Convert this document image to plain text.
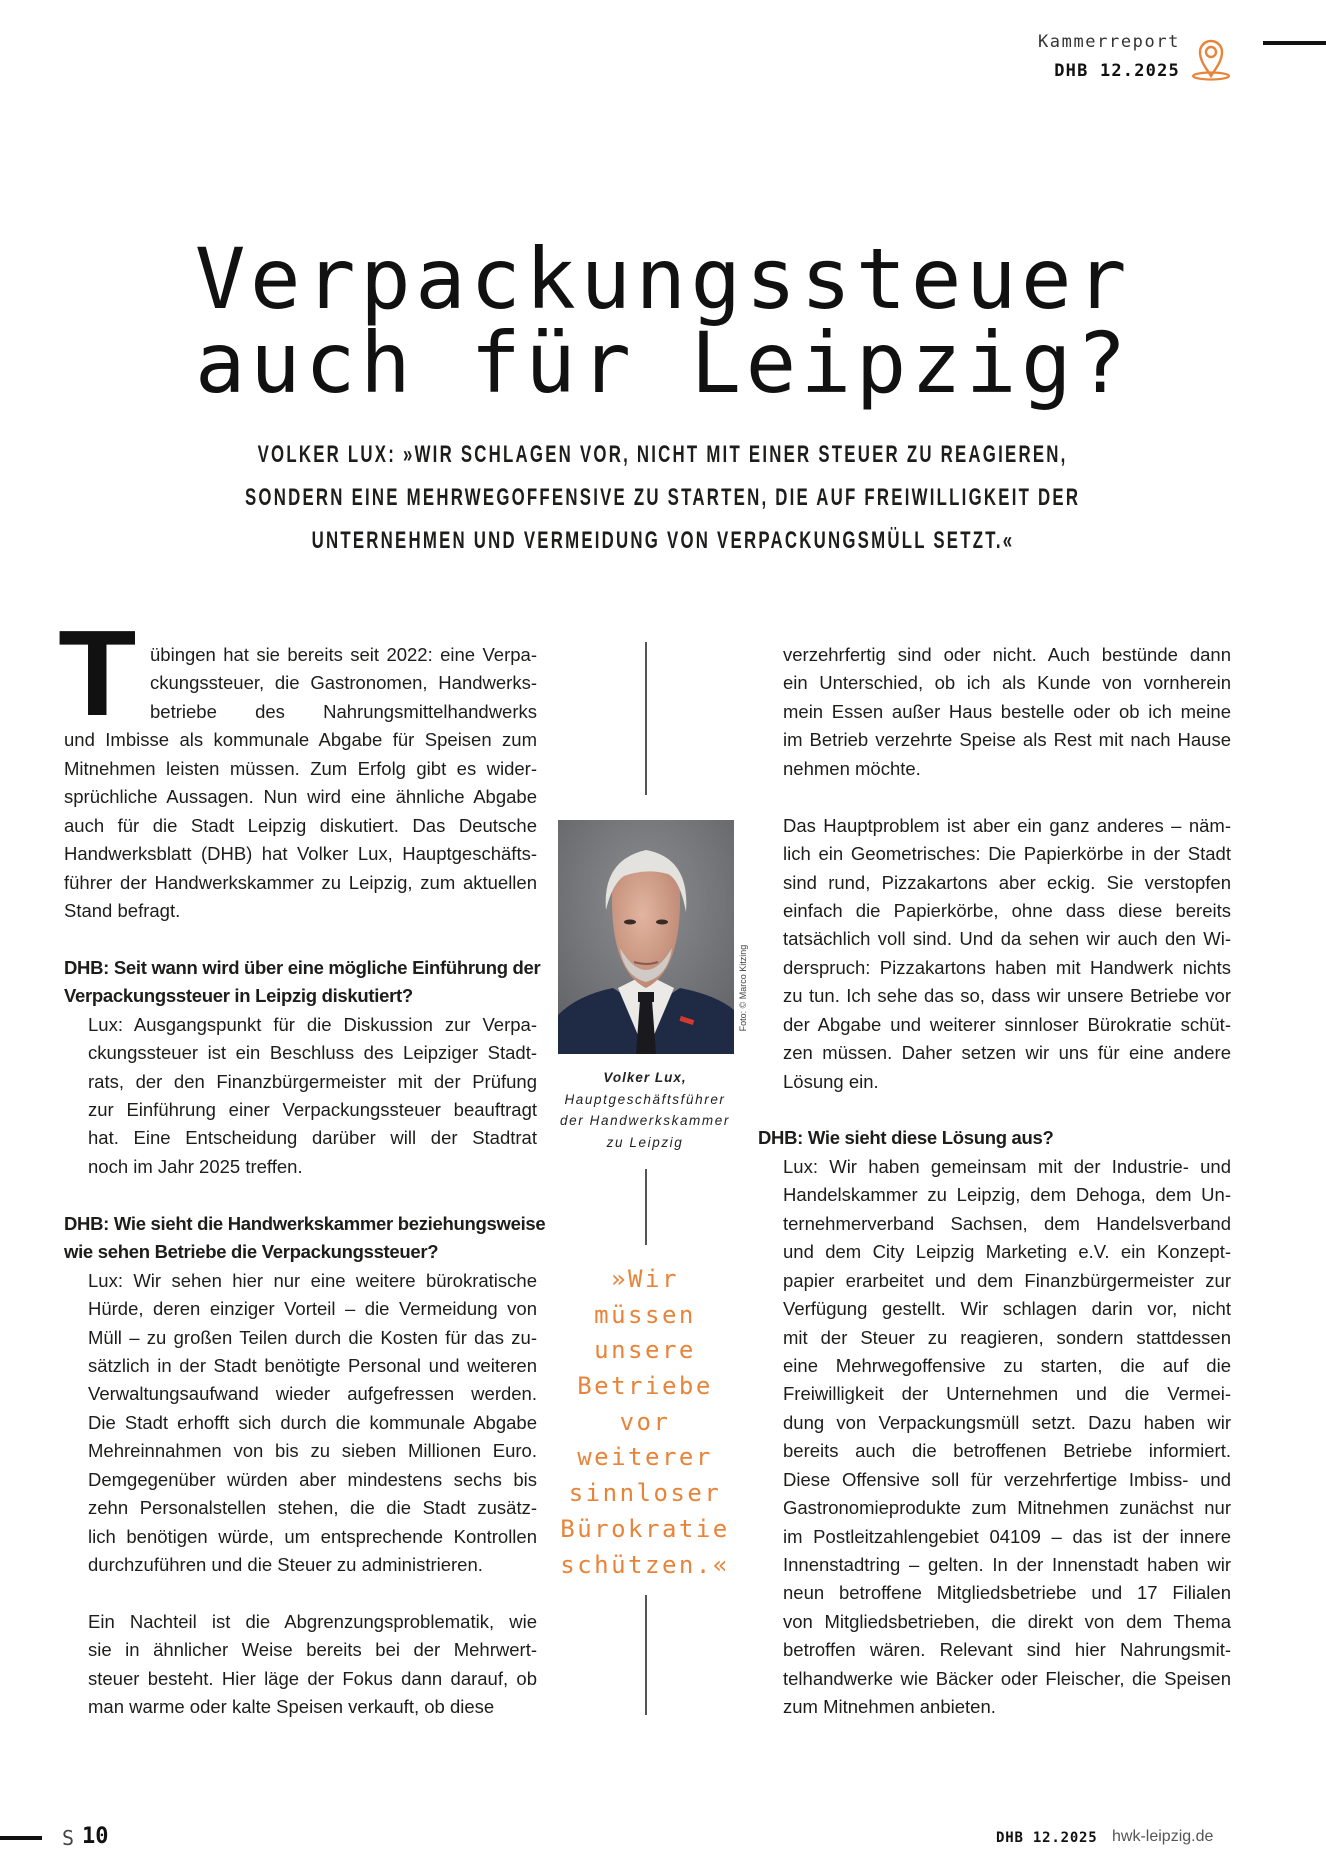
Kammerreport
DHB 12.2025
Verpackungssteuer
auch für Leipzig?
VOLKER LUX: »WIR SCHLAGEN VOR, NICHT MIT EINER STEUER ZU REAGIEREN,
SONDERN EINE MEHRWEGOFFENSIVE ZU STARTEN, DIE AUF FREIWILLIGKEIT DER
UNTERNEHMEN UND VERMEIDUNG VON VERPACKUNGSMÜLL SETZT.«
T übingen hat sie bereits seit 2022: eine Verpa-
ckungssteuer, die Gastronomen, Handwerks-
betriebe des Nahrungsmittelhandwerks
und Imbisse als kommunale Abgabe für Speisen zum
Mitnehmen leisten müssen. Zum Erfolg gibt es wider-
sprüchliche Aussagen. Nun wird eine ähnliche Abgabe
auch für die Stadt Leipzig diskutiert. Das Deutsche
Handwerksblatt (DHB) hat Volker Lux, Hauptgeschäfts-
führer der Handwerkskammer zu Leipzig, zum aktuellen
Stand befragt.
DHB: Seit wann wird über eine mögliche Einführung der
Verpackungssteuer in Leipzig diskutiert?
Lux: Ausgangspunkt für die Diskussion zur Verpa-
ckungssteuer ist ein Beschluss des Leipziger Stadt-
rats, der den Finanzbürgermeister mit der Prüfung
zur Einführung einer Verpackungssteuer beauftragt
hat. Eine Entscheidung darüber will der Stadtrat
noch im Jahr 2025 treffen.
DHB: Wie sieht die Handwerkskammer beziehungsweise
wie sehen Betriebe die Verpackungssteuer?
Lux: Wir sehen hier nur eine weitere bürokratische
Hürde, deren einziger Vorteil – die Vermeidung von
Müll – zu großen Teilen durch die Kosten für das zu-
sätzlich in der Stadt benötigte Personal und weiteren
Verwaltungsaufwand wieder aufgefressen werden.
Die Stadt erhofft sich durch die kommunale Abgabe
Mehreinnahmen von bis zu sieben Millionen Euro.
Demgegenüber würden aber mindestens sechs bis
zehn Personalstellen stehen, die die Stadt zusätz-
lich benötigen würde, um entsprechende Kontrollen
durchzuführen und die Steuer zu administrieren.
Ein Nachteil ist die Abgrenzungsproblematik, wie
sie in ähnlicher Weise bereits bei der Mehrwert-
steuer besteht. Hier läge der Fokus dann darauf, ob
man warme oder kalte Speisen verkauft, ob diese
verzehrfertig sind oder nicht. Auch bestünde dann
ein Unterschied, ob ich als Kunde von vornherein
mein Essen außer Haus bestelle oder ob ich meine
im Betrieb verzehrte Speise als Rest mit nach Hause
nehmen möchte.
Das Hauptproblem ist aber ein ganz anderes – näm-
lich ein Geometrisches: Die Papierkörbe in der Stadt
sind rund, Pizzakartons aber eckig. Sie verstopfen
einfach die Papierkörbe, ohne dass diese bereits
tatsächlich voll sind. Und da sehen wir auch den Wi-
derspruch: Pizzakartons haben mit Handwerk nichts
zu tun. Ich sehe das so, dass wir unsere Betriebe vor
der Abgabe und weiterer sinnloser Bürokratie schüt-
zen müssen. Daher setzen wir uns für eine andere
Lösung ein.
DHB: Wie sieht diese Lösung aus?
Lux: Wir haben gemeinsam mit der Industrie- und
Handelskammer zu Leipzig, dem Dehoga, dem Un-
ternehmerverband Sachsen, dem Handelsverband
und dem City Leipzig Marketing e.V. ein Konzept-
papier erarbeitet und dem Finanzbürgermeister zur
Verfügung gestellt. Wir schlagen darin vor, nicht
mit der Steuer zu reagieren, sondern stattdessen
eine Mehrwegoffensive zu starten, die auf die
Freiwilligkeit der Unternehmen und die Vermei-
dung von Verpackungsmüll setzt. Dazu haben wir
bereits auch die betroffenen Betriebe informiert.
Diese Offensive soll für verzehrfertige Imbiss- und
Gastronomieprodukte zum Mitnehmen zunächst nur
im Postleitzahlengebiet 04109 – das ist der innere
Innenstadtring – gelten. In der Innenstadt haben wir
neun betroffene Mitgliedsbetriebe und 17 Filialen
von Mitgliedsbetrieben, die direkt von dem Thema
betroffen wären. Relevant sind hier Nahrungsmit-
telhandwerke wie Bäcker oder Fleischer, die Speisen
zum Mitnehmen anbieten.
Foto: © Marco Kitzing
Volker Lux,
Hauptgeschäftsführer
der Handwerkskammer
zu Leipzig
»Wir
müssen
unsere
Betriebe
vor
weiterer
sinnloser
Bürokratie
schützen.«
S 10	DHB 12.2025 hwk-leipzig.de
